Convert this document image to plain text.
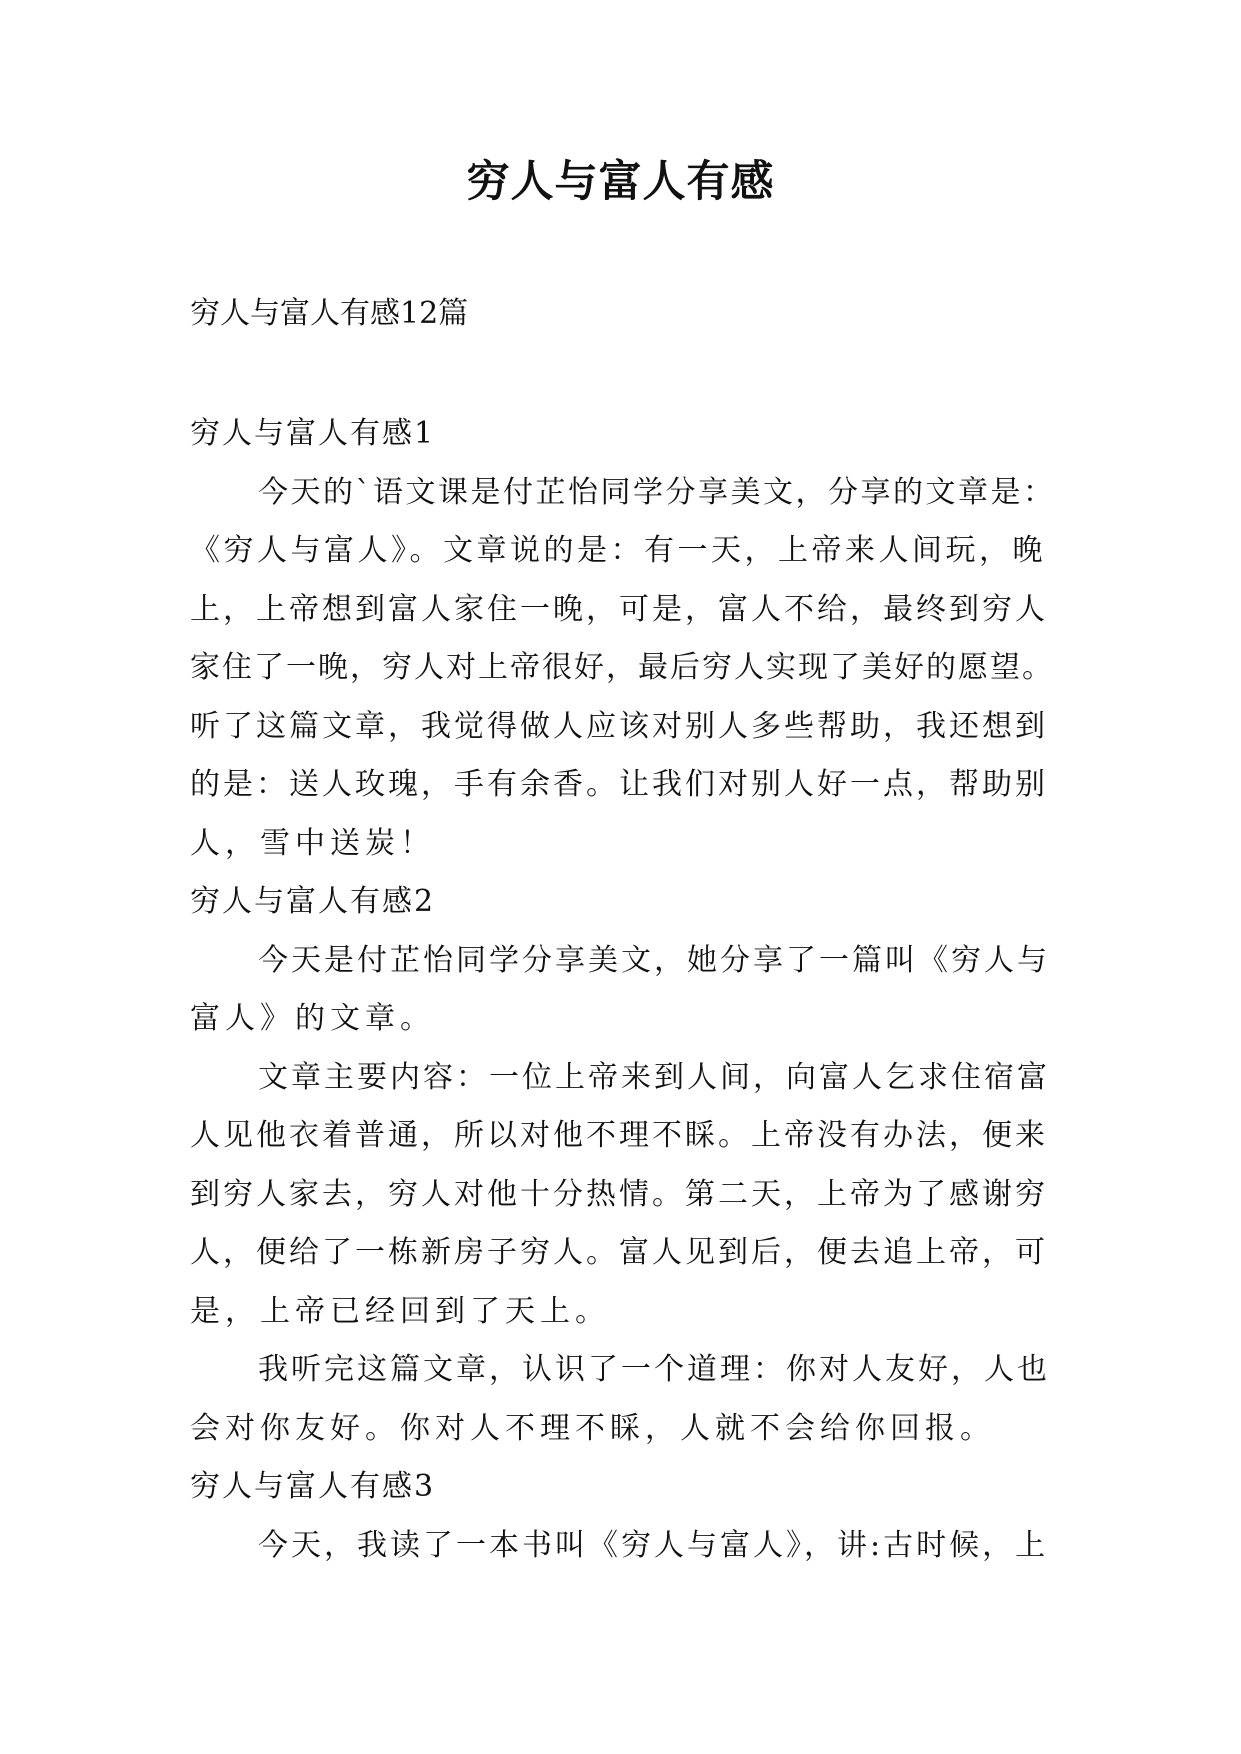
穷人与富人有感
穷人与富人有感12篇
穷人与富人有感1
今天的`语文课是付芷怡同学分享美文，分享的文章是：
《穷人与富人》。文章说的是：有一天，上帝来人间玩，晚
上，上帝想到富人家住一晚，可是，富人不给，最终到穷人
家住了一晚，穷人对上帝很好，最后穷人实现了美好的愿望。
听了这篇文章，我觉得做人应该对别人多些帮助，我还想到
的是：送人玫瑰，手有余香。让我们对别人好一点，帮助别
人，雪中送炭！
穷人与富人有感2
今天是付芷怡同学分享美文，她分享了一篇叫《穷人与
富人》的文章。
文章主要内容：一位上帝来到人间，向富人乞求住宿富
人见他衣着普通，所以对他不理不睬。上帝没有办法，便来
到穷人家去，穷人对他十分热情。第二天，上帝为了感谢穷
人，便给了一栋新房子穷人。富人见到后，便去追上帝，可
是，上帝已经回到了天上。
我听完这篇文章，认识了一个道理：你对人友好，人也
会对你友好。你对人不理不睬，人就不会给你回报。
穷人与富人有感3
今天，我读了一本书叫《穷人与富人》，讲:古时候，上
